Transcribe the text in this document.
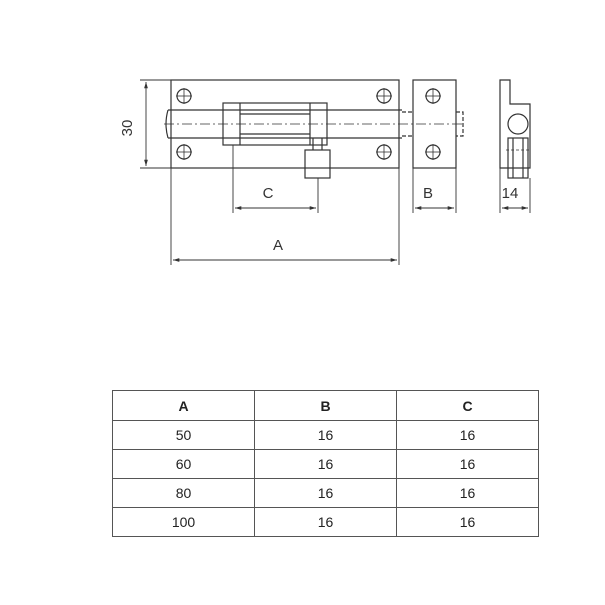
30
C	B	14
A
A	B	C
50	16	16
60	16	16
80	16	16
100	16	16
